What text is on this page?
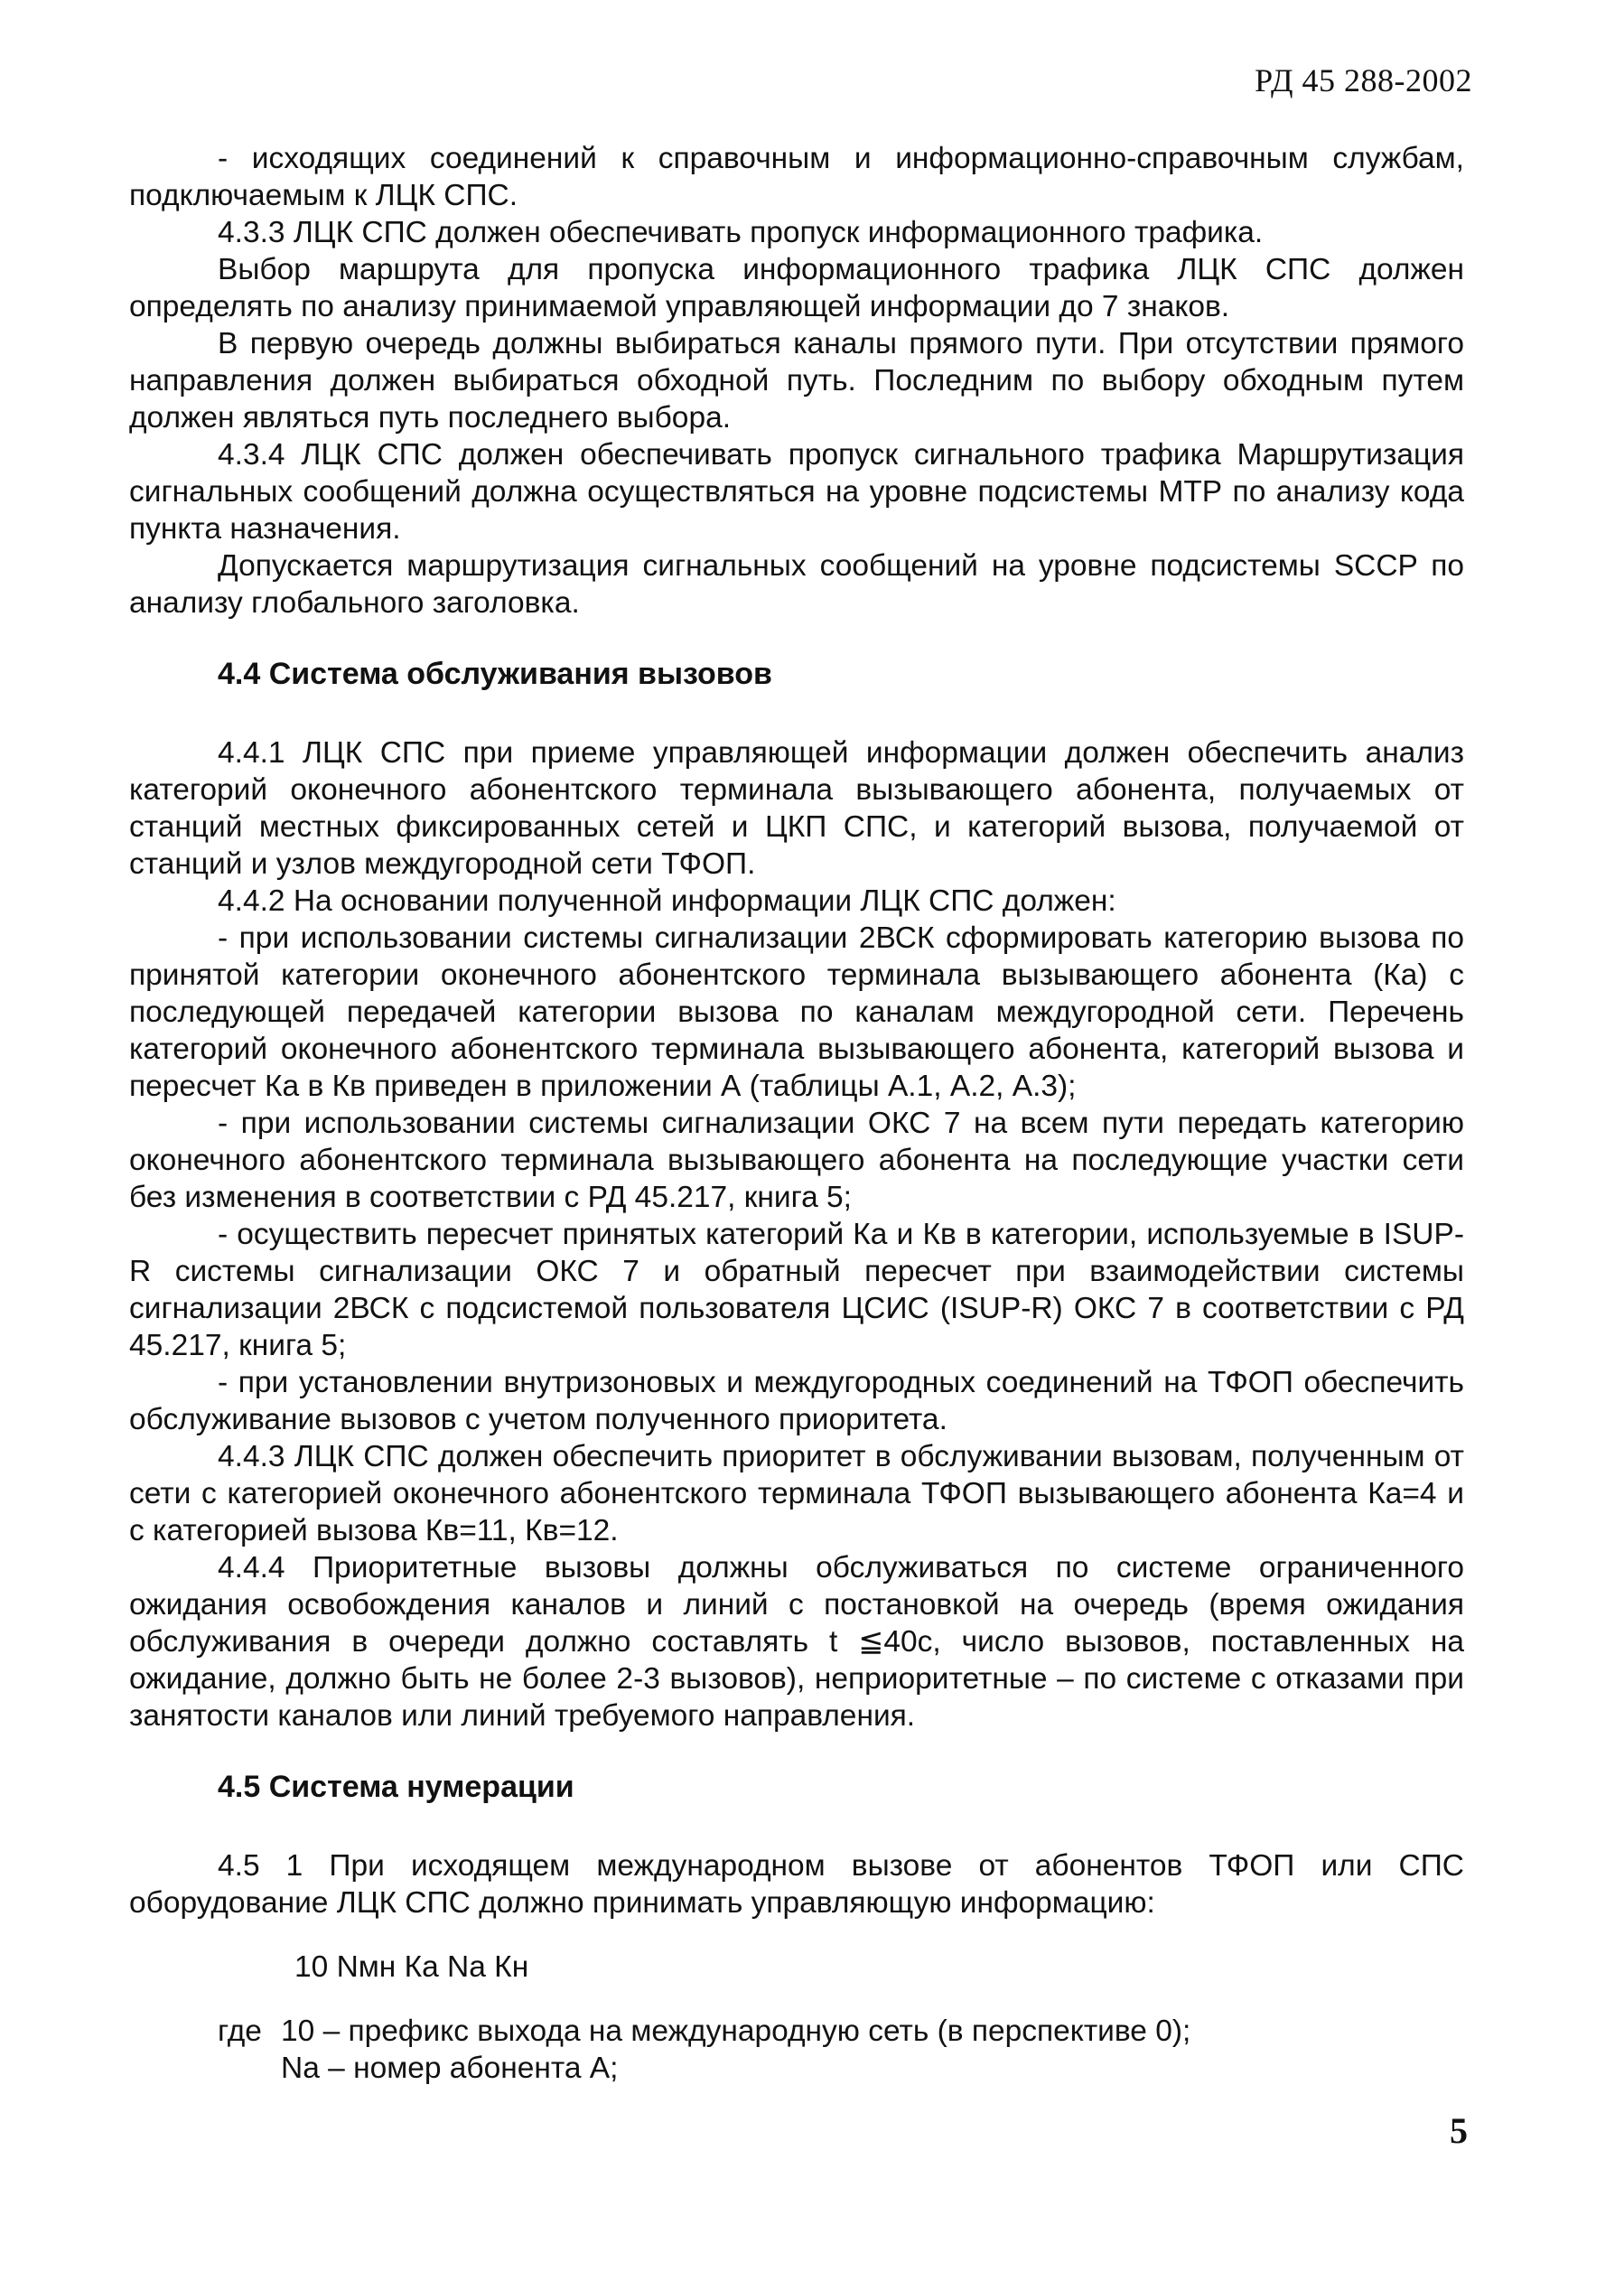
РД 45 288-2002

- исходящих соединений к справочным и информационно-справочным службам, подключаемым к ЛЦК СПС.

4.3.3 ЛЦК СПС должен обеспечивать пропуск информационного трафика.

Выбор маршрута для пропуска информационного трафика ЛЦК СПС должен определять по анализу принимаемой управляющей информации до 7 знаков.

В первую очередь должны выбираться каналы прямого пути. При отсутствии прямого направления должен выбираться обходной путь. Последним по выбору обходным путем должен являться путь последнего выбора.

4.3.4 ЛЦК СПС должен обеспечивать пропуск сигнального трафика Маршрутизация сигнальных сообщений должна осуществляться на уровне подсистемы МТР по анализу кода пункта назначения.

Допускается маршрутизация сигнальных сообщений на уровне подсистемы SCCP по анализу глобального заголовка.

4.4 Система обслуживания вызовов

4.4.1 ЛЦК СПС при приеме управляющей информации должен обеспечить анализ категорий оконечного абонентского терминала вызывающего абонента, получаемых от станций местных фиксированных сетей и ЦКП СПС, и категорий вызова, получаемой от станций и узлов междугородной сети ТФОП.

4.4.2 На основании полученной информации ЛЦК СПС должен:

- при использовании системы сигнализации 2ВСК сформировать категорию вызова по принятой категории оконечного абонентского терминала вызывающего абонента (Ка) с последующей передачей категории вызова по каналам междугородной сети. Перечень категорий оконечного абонентского терминала вызывающего абонента, категорий вызова и пересчет Ка в Кв приведен в приложении А (таблицы А.1, А.2, А.3);

- при использовании системы сигнализации ОКС 7 на всем пути передать категорию оконечного абонентского терминала вызывающего абонента на последующие участки сети без изменения в соответствии с РД 45.217, книга 5;

- осуществить пересчет принятых категорий Ка и Кв в категории, используемые в ISUP-R системы сигнализации ОКС 7 и обратный пересчет при взаимодействии системы сигнализации 2ВСК с подсистемой пользователя ЦСИС (ISUP-R) ОКС 7 в соответствии с РД 45.217, книга 5;

- при установлении внутризоновых и междугородных соединений на ТФОП обеспечить обслуживание вызовов с учетом полученного приоритета.

4.4.3 ЛЦК СПС должен обеспечить приоритет в обслуживании вызовам, полученным от сети с категорией оконечного абонентского терминала ТФОП вызывающего абонента Ка=4 и с категорией вызова Кв=11, Кв=12.

4.4.4 Приоритетные вызовы должны обслуживаться по системе ограниченного ожидания освобождения каналов и линий с постановкой на очередь (время ожидания обслуживания в очереди должно составлять t ≦40с, число вызовов, поставленных на ожидание, должно быть не более 2-3 вызовов), неприоритетные – по системе с отказами при занятости каналов или линий требуемого направления.

4.5 Система нумерации

4.5 1 При исходящем международном вызове от абонентов ТФОП или СПС оборудование ЛЦК СПС должно принимать управляющую информацию:

10 Nмн Ка Na Кн

где 10 – префикс выхода на международную сеть (в перспективе 0);
Na – номер абонента А;
5
